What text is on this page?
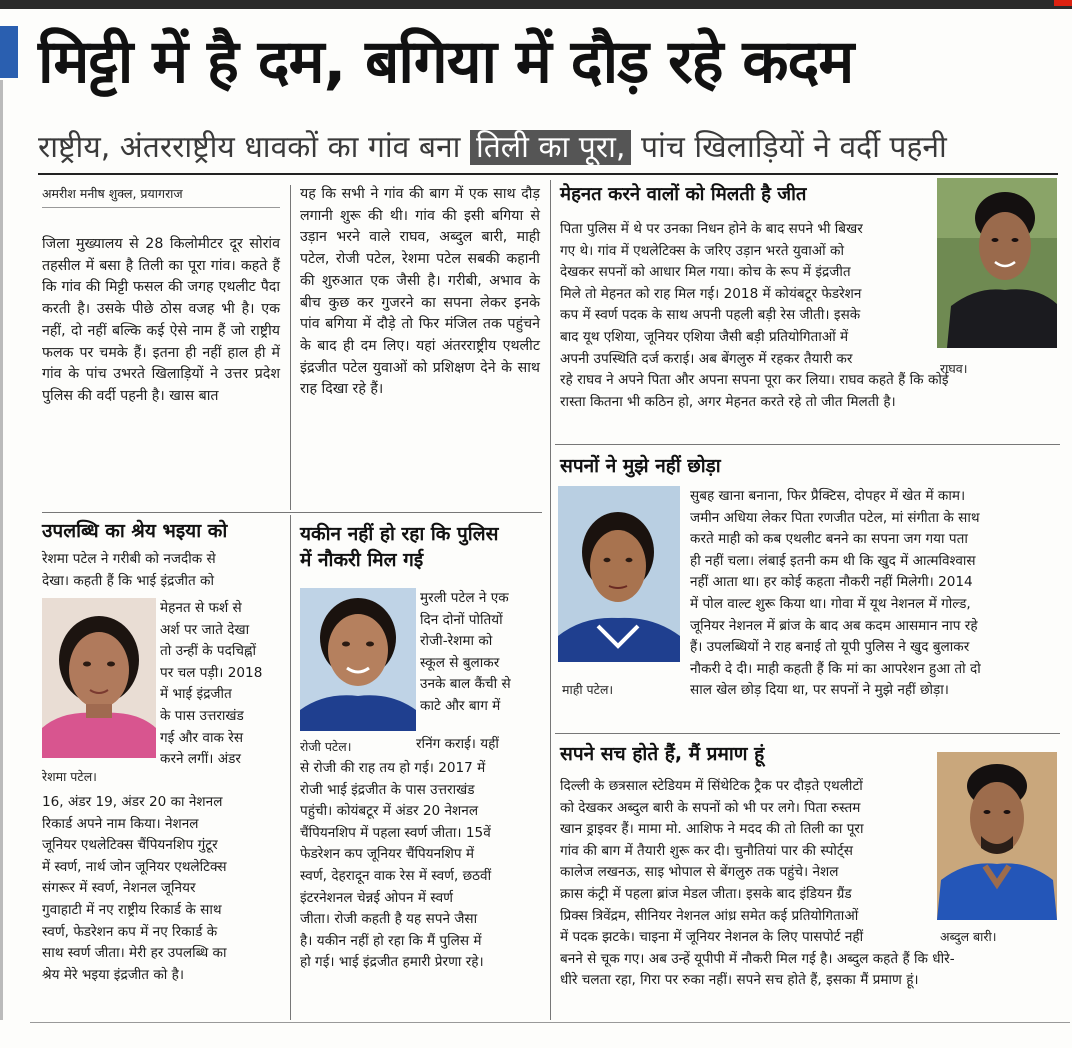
मिट्टी में है दम, बगिया में दौड़ रहे कदम
राष्ट्रीय, अंतरराष्ट्रीय धावकों का गांव बना तिली का पूरा, पांच खिलाड़ियों ने वर्दी पहनी
अमरीश मनीष शुक्ल, प्रयागराज
जिला मुख्यालय से 28 किलोमीटर दूर सोरांव तहसील में बसा है तिली का पूरा गांव। कहते हैं कि गांव की मिट्टी फसल की जगह एथलीट पैदा करती है। उसके पीछे ठोस वजह भी है। एक नहीं, दो नहीं बल्कि कई ऐसे नाम हैं जो राष्ट्रीय फलक पर चमके हैं। इतना ही नहीं हाल ही में गांव के पांच उभरते खिलाड़ियों ने उत्तर प्रदेश पुलिस की वर्दी पहनी है। खास बात
यह कि सभी ने गांव की बाग में एक साथ दौड़ लगानी शुरू की थी। गांव की इसी बगिया से उड़ान भरने वाले राघव, अब्दुल बारी, माही पटेल, रोजी पटेल, रेशमा पटेल सबकी कहानी की शुरुआत एक जैसी है। गरीबी, अभाव के बीच कुछ कर गुजरने का सपना लेकर इनके पांव बगिया में दौड़े तो फिर मंजिल तक पहुंचने के बाद ही दम लिए। यहां अंतरराष्ट्रीय एथलीट इंद्रजीत पटेल युवाओं को प्रशिक्षण देने के साथ राह दिखा रहे हैं।
उपलब्धि का श्रेय भइया को
रेशमा पटेल ने गरीबी को नजदीक से
देखा। कहती हैं कि भाई इंद्रजीत को
मेहनत से फर्श से
अर्श पर जाते देखा
तो उन्हीं के पदचिह्नों
पर चल पड़ी। 2018
में भाई इंद्रजीत
के पास उत्तराखंड
गई और वाक रेस
करने लगीं। अंडर
रेशमा पटेल।
16, अंडर 19, अंडर 20 का नेशनल
रिकार्ड अपने नाम किया। नेशनल
जूनियर एथलेटिक्स चैंपियनशिप गुंटूर
में स्वर्ण, नार्थ जोन जूनियर एथलेटिक्स
संगरूर में स्वर्ण, नेशनल जूनियर
गुवाहाटी में नए राष्ट्रीय रिकार्ड के साथ
स्वर्ण, फेडरेशन कप में नए रिकार्ड के
साथ स्वर्ण जीता। मेरी हर उपलब्धि का
श्रेय मेरे भइया इंद्रजीत को है।
यकीन नहीं हो रहा कि पुलिस
में नौकरी मिल गई
मुरली पटेल ने एक
दिन दोनों पोतियों
रोजी-रेशमा को
स्कूल से बुलाकर
उनके बाल कैंची से
काटे और बाग में
रोजी पटेल।	रनिंग कराई। यहीं
से रोजी की राह तय हो गई। 2017 में
रोजी भाई इंद्रजीत के पास उत्तराखंड
पहुंची। कोयंबटूर में अंडर 20 नेशनल
चैंपियनशिप में पहला स्वर्ण जीता। 15वें
फेडरेशन कप जूनियर चैंपियनशिप में
स्वर्ण, देहरादून वाक रेस में स्वर्ण, छठवीं
इंटरनेशनल चेन्नई ओपन में स्वर्ण
जीता। रोजी कहती है यह सपने जैसा
है। यकीन नहीं हो रहा कि मैं पुलिस में
हो गई। भाई इंद्रजीत हमारी प्रेरणा रहे।
मेहनत करने वालों को मिलती है जीत
राघव।
पिता पुलिस में थे पर उनका निधन होने के बाद सपने भी बिखर
गए थे। गांव में एथलेटिक्स के जरिए उड़ान भरते युवाओं को
देखकर सपनों को आधार मिल गया। कोच के रूप में इंद्रजीत
मिले तो मेहनत को राह मिल गई। 2018 में कोयंबटूर फेडरेशन
कप में स्वर्ण पदक के साथ अपनी पहली बड़ी रेस जीती। इसके
बाद यूथ एशिया, जूनियर एशिया जैसी बड़ी प्रतियोगिताओं में
अपनी उपस्थिति दर्ज कराई। अब बेंगलुरु में रहकर तैयारी कर
रहे राघव ने अपने पिता और अपना सपना पूरा कर लिया। राघव कहते हैं कि कोई
रास्ता कितना भी कठिन हो, अगर मेहनत करते रहे तो जीत मिलती है।
सपनों ने मुझे नहीं छोड़ा
माही पटेल।
सुबह खाना बनाना, फिर प्रैक्टिस, दोपहर में खेत में काम।
जमीन अधिया लेकर पिता रणजीत पटेल, मां संगीता के साथ
करते माही को कब एथलीट बनने का सपना जग गया पता
ही नहीं चला। लंबाई इतनी कम थी कि खुद में आत्मविश्वास
नहीं आता था। हर कोई कहता नौकरी नहीं मिलेगी। 2014
में पोल वाल्ट शुरू किया था। गोवा में यूथ नेशनल में गोल्ड,
जूनियर नेशनल में ब्रांज के बाद अब कदम आसमान नाप रहे
हैं। उपलब्धियों ने राह बनाई तो यूपी पुलिस ने खुद बुलाकर
नौकरी दे दी। माही कहती हैं कि मां का आपरेशन हुआ तो दो
साल खेल छोड़ दिया था, पर सपनों ने मुझे नहीं छोड़ा।
सपने सच होते हैं, मैं प्रमाण हूं
अब्दुल बारी।
दिल्ली के छत्रसाल स्टेडियम में सिंथेटिक ट्रैक पर दौड़ते एथलीटों
को देखकर अब्दुल बारी के सपनों को भी पर लगे। पिता रुस्तम
खान ड्राइवर हैं। मामा मो. आशिफ ने मदद की तो तिली का पूरा
गांव की बाग में तैयारी शुरू कर दी। चुनौतियां पार की स्पोर्ट्स
कालेज लखनऊ, साइ भोपाल से बेंगलुरु तक पहुंचे। नेशल
क्रास कंट्री में पहला ब्रांज मेडल जीता। इसके बाद इंडियन ग्रैंड
प्रिक्स त्रिवेंद्रम, सीनियर नेशनल आंध्र समेत कई प्रतियोगिताओं
में पदक झटके। चाइना में जूनियर नेशनल के लिए पासपोर्ट नहीं
बनने से चूक गए। अब उन्हें यूपीपी में नौकरी मिल गई है। अब्दुल कहते हैं कि धीरे-
धीरे चलता रहा, गिरा पर रुका नहीं। सपने सच होते हैं, इसका मैं प्रमाण हूं।
